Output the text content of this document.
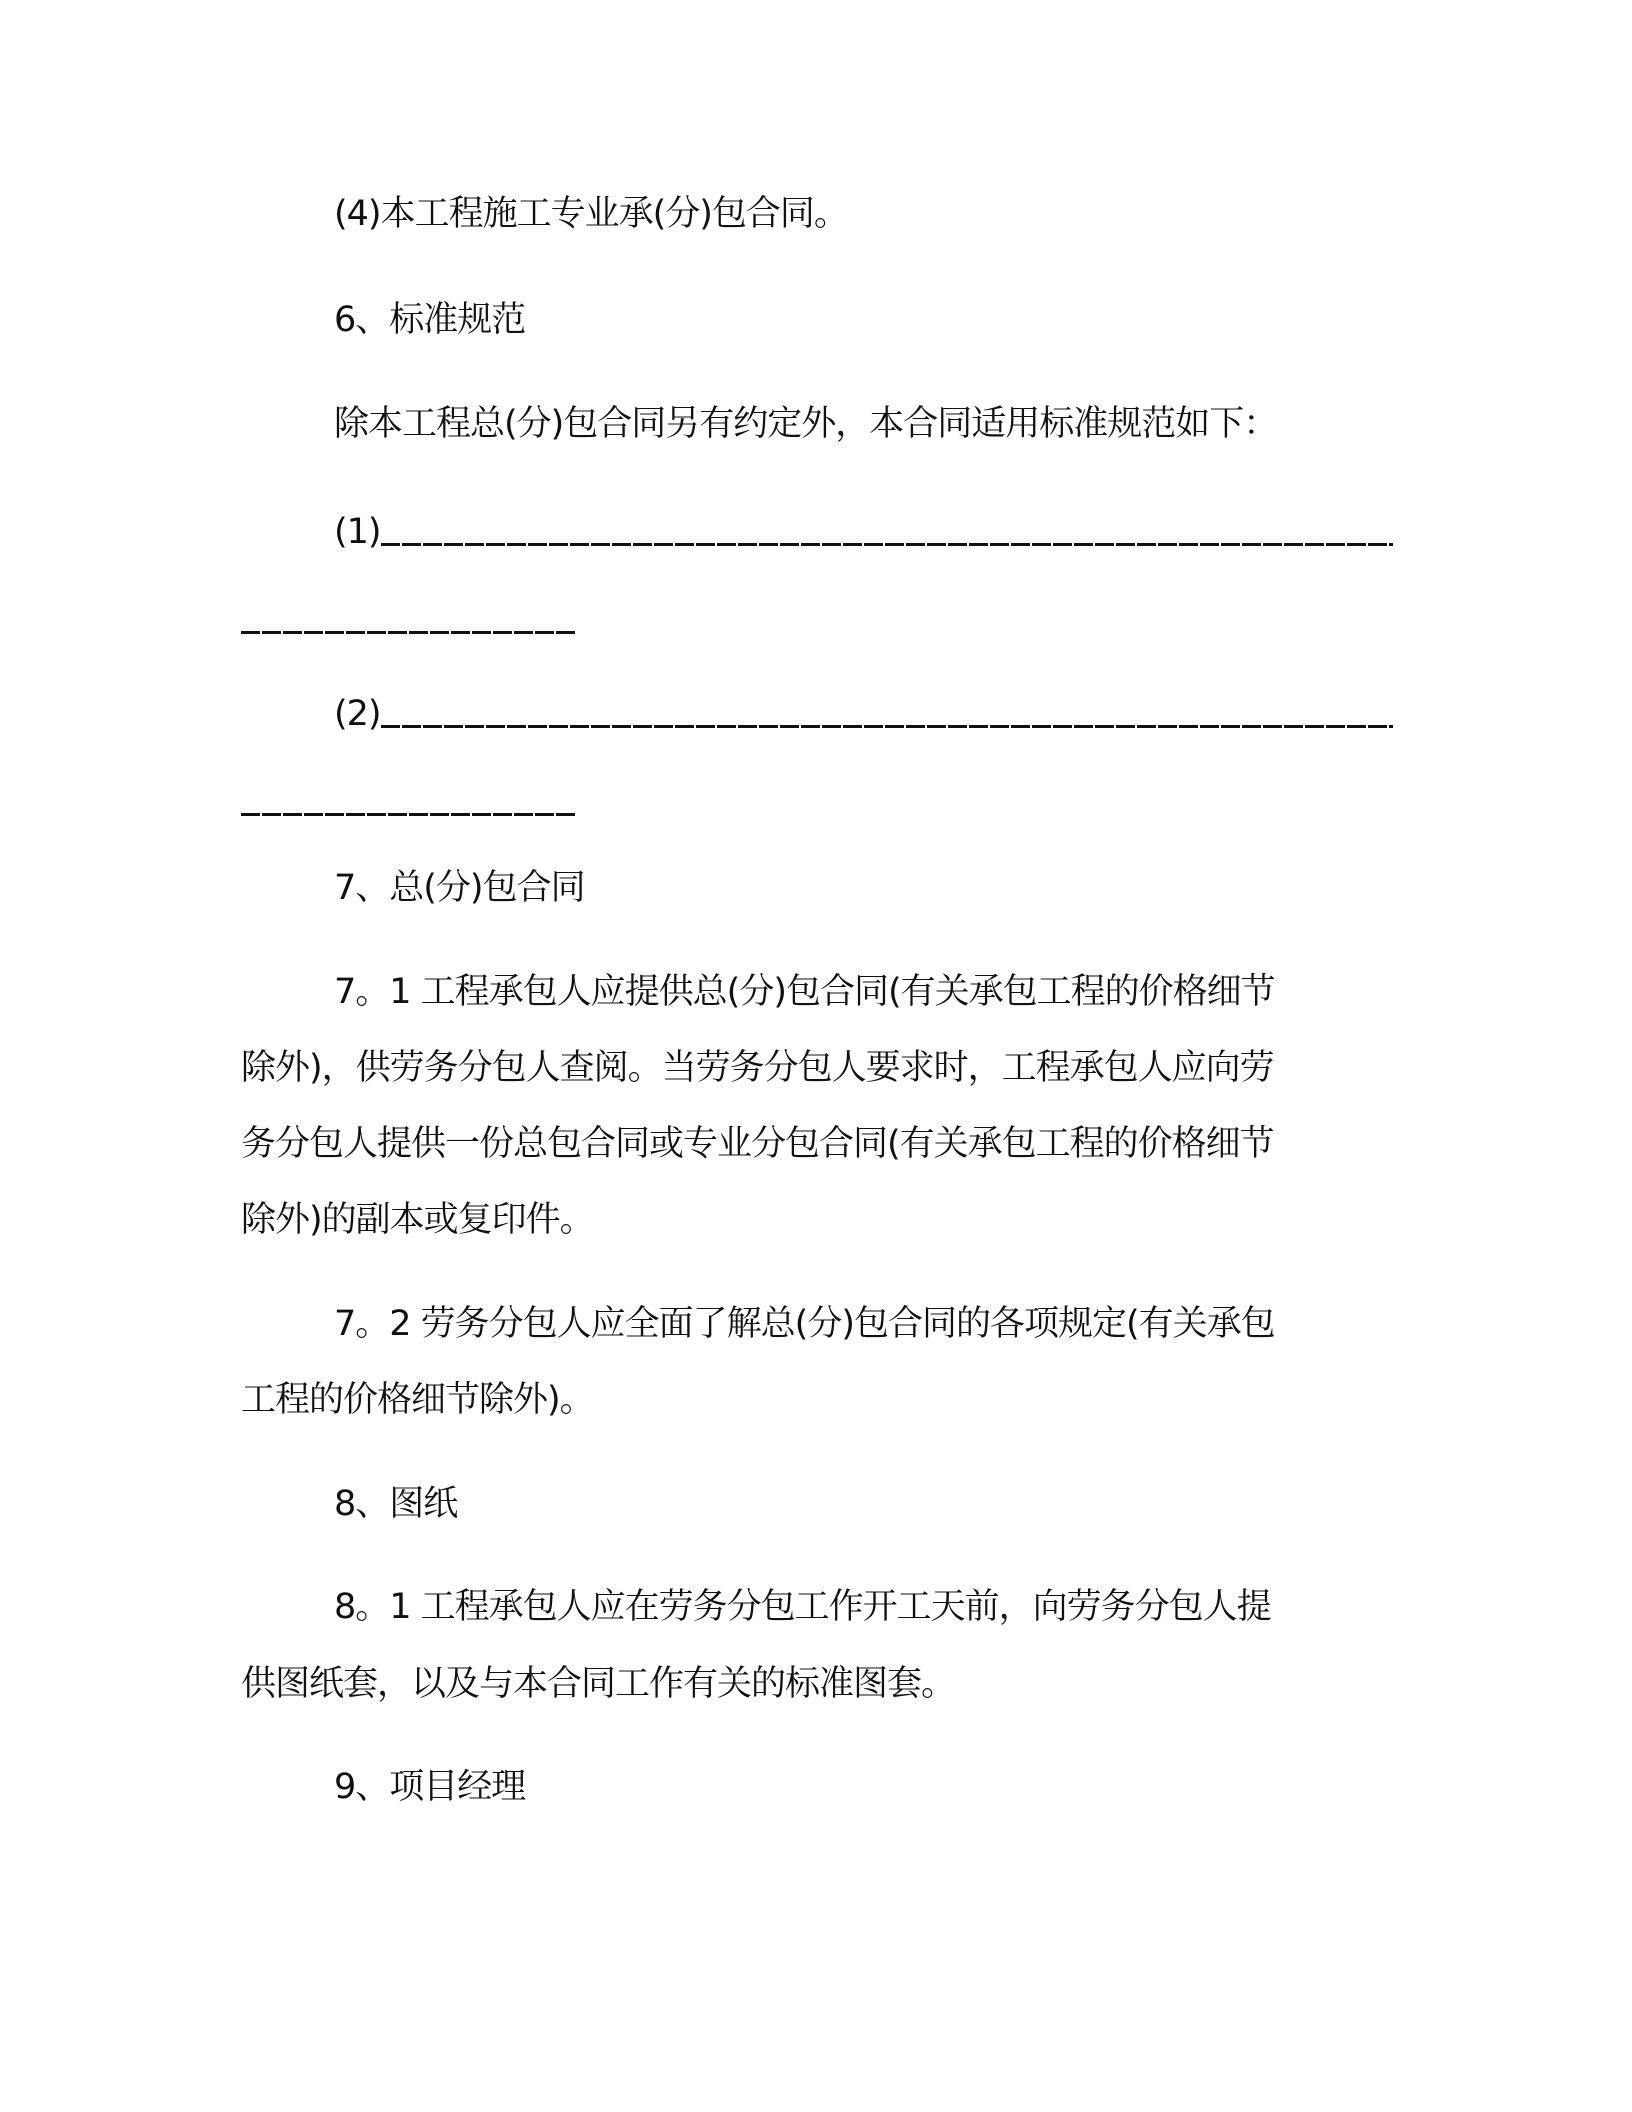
(4)本工程施工专业承(分)包合同。
6、标准规范
除本工程总(分)包合同另有约定外，本合同适用标准规范如下：
(1)
(2)
7、总(分)包合同
7。1 工程承包人应提供总(分)包合同(有关承包工程的价格细节
除外)，供劳务分包人查阅。当劳务分包人要求时，工程承包人应向劳
务分包人提供一份总包合同或专业分包合同(有关承包工程的价格细节
除外)的副本或复印件。
7。2 劳务分包人应全面了解总(分)包合同的各项规定(有关承包
工程的价格细节除外)。
8、图纸
8。1 工程承包人应在劳务分包工作开工天前，向劳务分包人提
供图纸套，以及与本合同工作有关的标准图套。
9、项目经理
